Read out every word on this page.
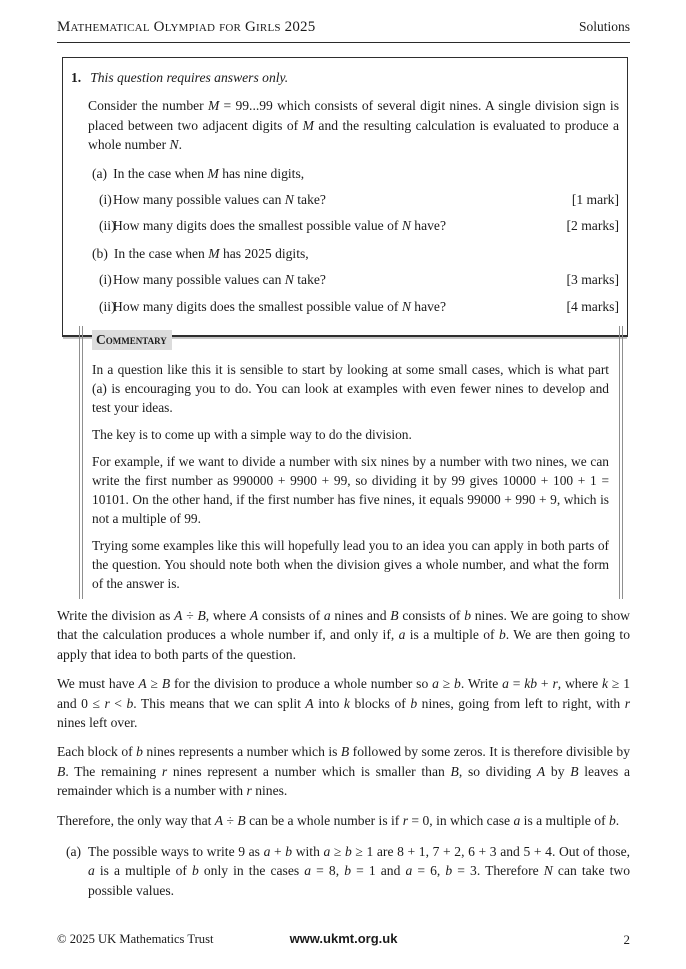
Mathematical Olympiad for Girls 2025	Solutions
1. This question requires answers only.

Consider the number M = 99...99 which consists of several digit nines. A single division sign is placed between two adjacent digits of M and the resulting calculation is evaluated to produce a whole number N.

(a) In the case when M has nine digits,
(i) How many possible values can N take?	[1 mark]
(ii)
How many digits does the smallest possible value of N have?	[2 marks]
(b) In the case when M has 2025 digits,
(i) How many possible values can N take?	[3 marks]
(ii)
How many digits does the smallest possible value of N have?	[4 marks]
Commentary

In a question like this it is sensible to start by looking at some small cases, which is what part (a) is encouraging you to do. You can look at examples with even fewer nines to develop and test your ideas.

The key is to come up with a simple way to do the division.

For example, if we want to divide a number with six nines by a number with two nines, we can write the first number as 990000 + 9900 + 99, so dividing it by 99 gives 10000 + 100 + 1 = 10101. On the other hand, if the first number has five nines, it equals 99000 + 990 + 9, which is not a multiple of 99.

Trying some examples like this will hopefully lead you to an idea you can apply in both parts of the question. You should note both when the division gives a whole number, and what the form of the answer is.

Write the division as A ÷ B, where A consists of a nines and B consists of b nines. We are going to show that the calculation produces a whole number if, and only if, a is a multiple of b. We are then going to apply that idea to both parts of the question.

We must have A ≥ B for the division to produce a whole number so a ≥ b. Write a = kb + r, where k ≥ 1 and 0 ≤ r < b. This means that we can split A into k blocks of b nines, going from left to right, with r nines left over.

Each block of b nines represents a number which is B followed by some zeros. It is therefore divisible by B. The remaining r nines represent a number which is smaller than B, so dividing A by B leaves a remainder which is a number with r nines.

Therefore, the only way that A ÷ B can be a whole number is if r = 0, in which case a is a multiple of b.

(a) The possible ways to write 9 as a + b with a ≥ b ≥ 1 are 8 + 1, 7 + 2, 6 + 3 and 5 + 4. Out of those, a is a multiple of b only in the cases a = 8, b = 1 and a = 6, b = 3. Therefore N can take two possible values.

© 2025 UK Mathematics Trust	www.ukmt.org.uk	2
